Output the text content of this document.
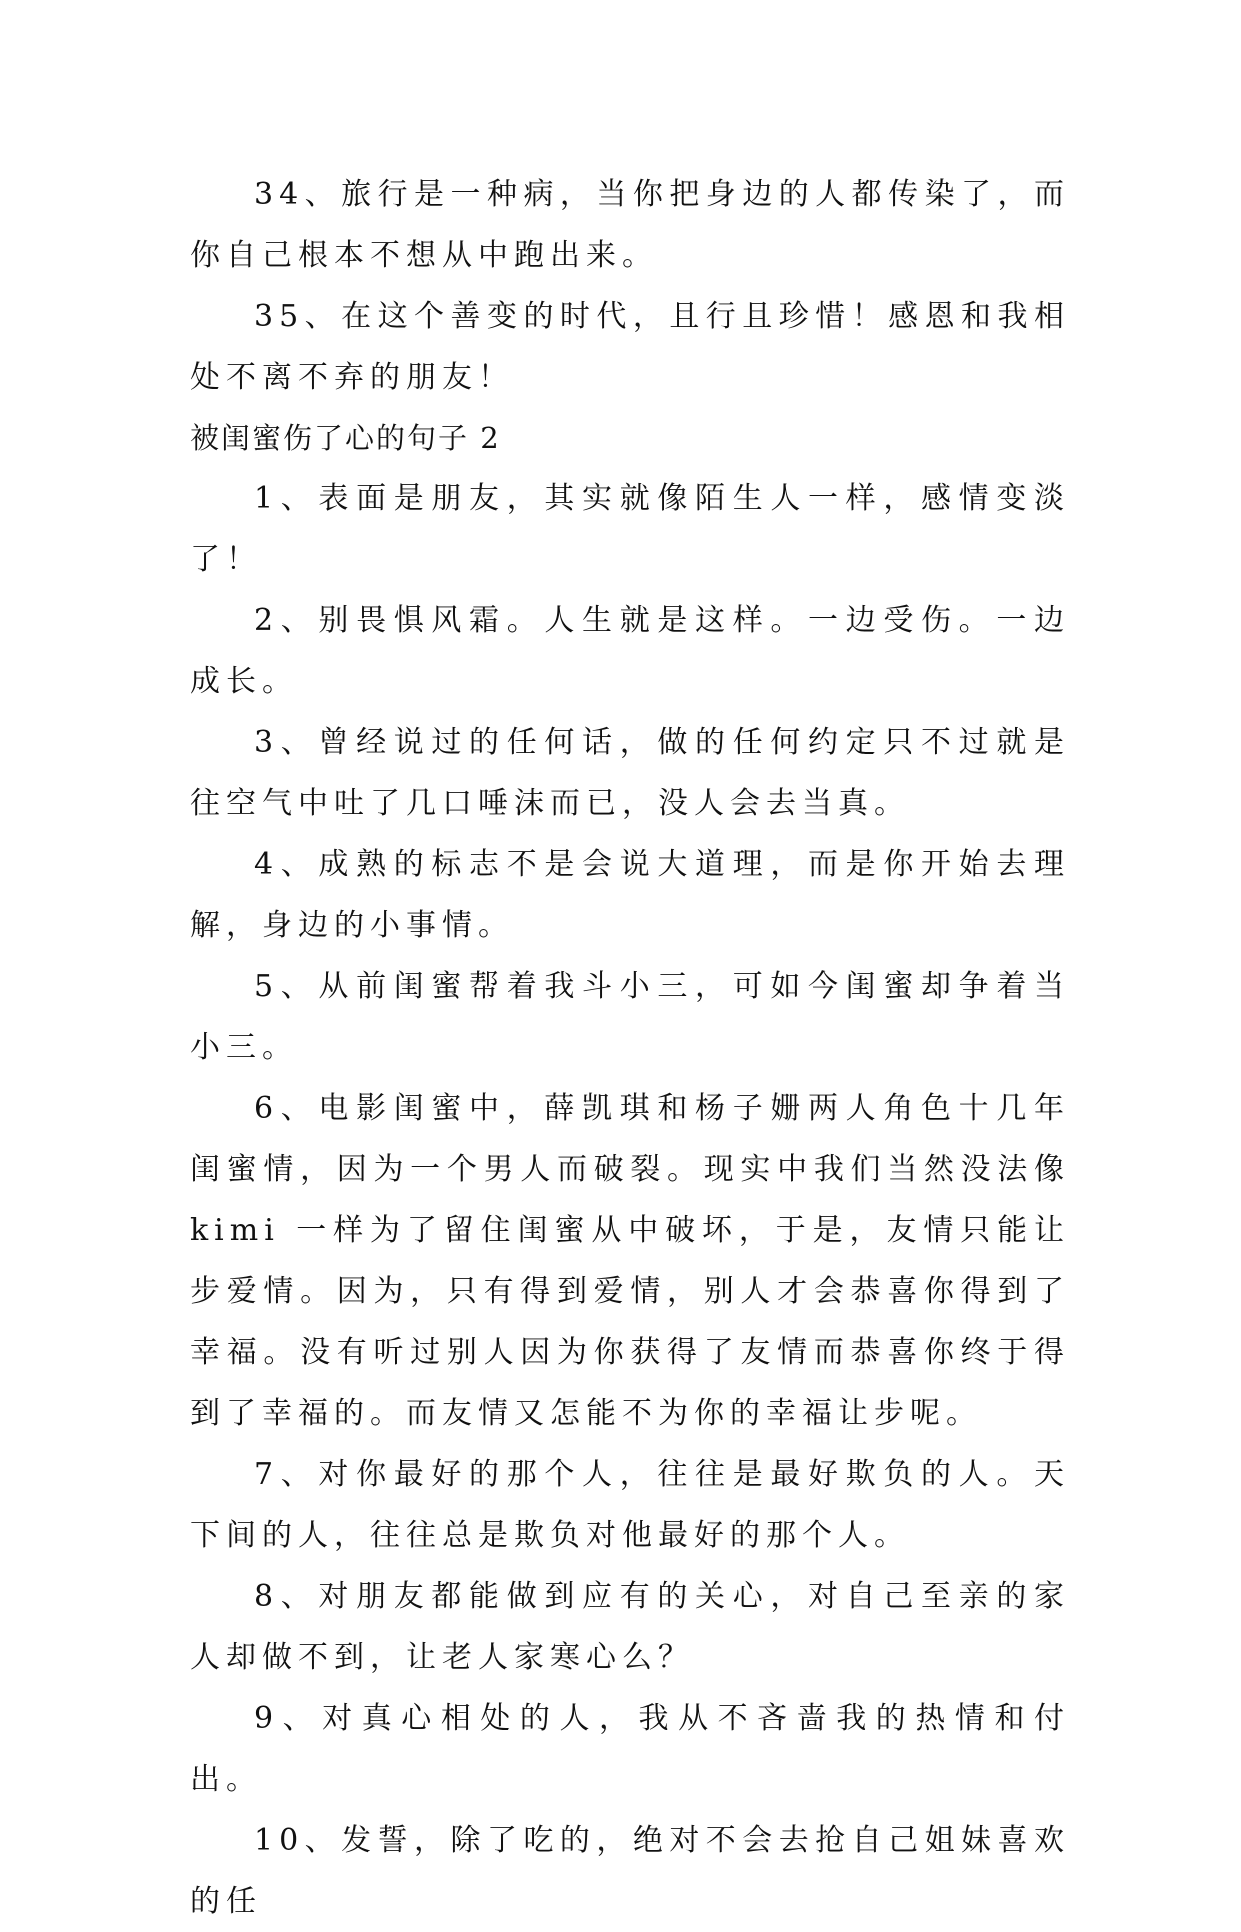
34、旅行是一种病，当你把身边的人都传染了，而你自己根本不想从中跑出来。

35、在这个善变的时代，且行且珍惜！感恩和我相处不离不弃的朋友！

被闺蜜伤了心的句子 2

1、表面是朋友，其实就像陌生人一样，感情变淡了！

2、别畏惧风霜。人生就是这样。一边受伤。一边成长。

3、曾经说过的任何话，做的任何约定只不过就是往空气中吐了几口唾沫而已，没人会去当真。

4、成熟的标志不是会说大道理，而是你开始去理解，身边的小事情。

5、从前闺蜜帮着我斗小三，可如今闺蜜却争着当小三。

6、电影闺蜜中，薛凯琪和杨子姗两人角色十几年闺蜜情，因为一个男人而破裂。现实中我们当然没法像 kimi 一样为了留住闺蜜从中破坏，于是，友情只能让步爱情。因为，只有得到爱情，别人才会恭喜你得到了幸福。没有听过别人因为你获得了友情而恭喜你终于得到了幸福的。而友情又怎能不为你的幸福让步呢。

7、对你最好的那个人，往往是最好欺负的人。天下间的人，往往总是欺负对他最好的那个人。

8、对朋友都能做到应有的关心，对自己至亲的家人却做不到，让老人家寒心么？

9、对真心相处的人，我从不吝啬我的热情和付出。

10、发誓，除了吃的，绝对不会去抢自己姐妹喜欢的任
